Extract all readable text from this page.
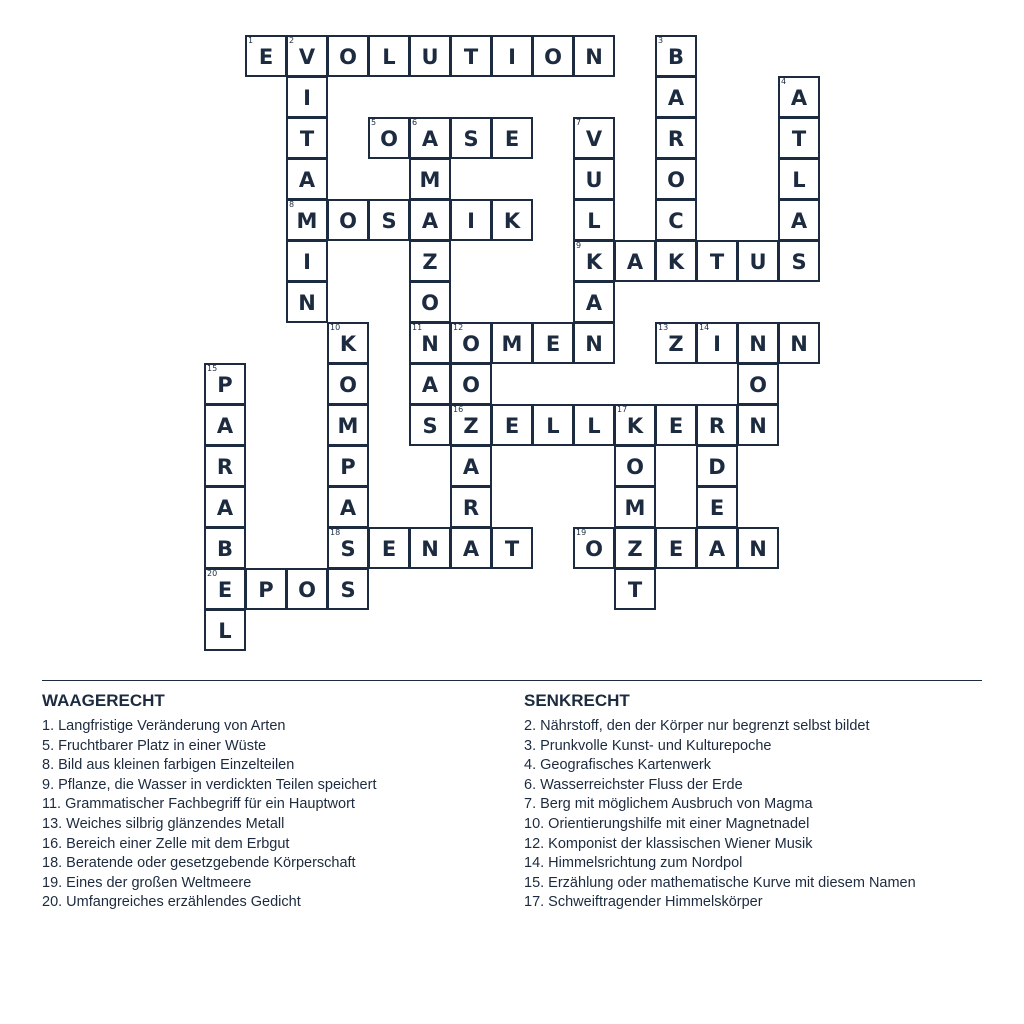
1
E
2
V	O	L	U	T	I	O	N
3
B
I	A
4
A
T
5
O
6
A	S	E
7
V	R	T
A	M	U	O	L
8
M	O	S	A	I	K	L	C	A
I	Z
9
K	A	K	T	U	S
N	O	A
10
K
11
N
12
O	M	E	N
13
Z
14
I	N	N
15
P	O	A	O	O
A	M	S
16
Z	E	L	L
17
K	E	R	N
R	P	A	O	D
A	A	R	M	E
B
18
S	E	N	A	T
19
O	Z	E	A	N
20
E	P	O	S	T
L
WAAGERECHT
1. Langfristige Veränderung von Arten
5. Fruchtbarer Platz in einer Wüste
8. Bild aus kleinen farbigen Einzelteilen
9. Pflanze, die Wasser in verdickten Teilen speichert
11. Grammatischer Fachbegriff für ein Hauptwort
13. Weiches silbrig glänzendes Metall
16. Bereich einer Zelle mit dem Erbgut
18. Beratende oder gesetzgebende Körperschaft
19. Eines der großen Weltmeere
20. Umfangreiches erzählendes Gedicht
SENKRECHT
2. Nährstoff, den der Körper nur begrenzt selbst bildet
3. Prunkvolle Kunst- und Kulturepoche
4. Geografisches Kartenwerk
6. Wasserreichster Fluss der Erde
7. Berg mit möglichem Ausbruch von Magma
10. Orientierungshilfe mit einer Magnetnadel
12. Komponist der klassischen Wiener Musik
14. Himmelsrichtung zum Nordpol
15. Erzählung oder mathematische Kurve mit diesem Namen
17. Schweiftragender Himmelskörper
